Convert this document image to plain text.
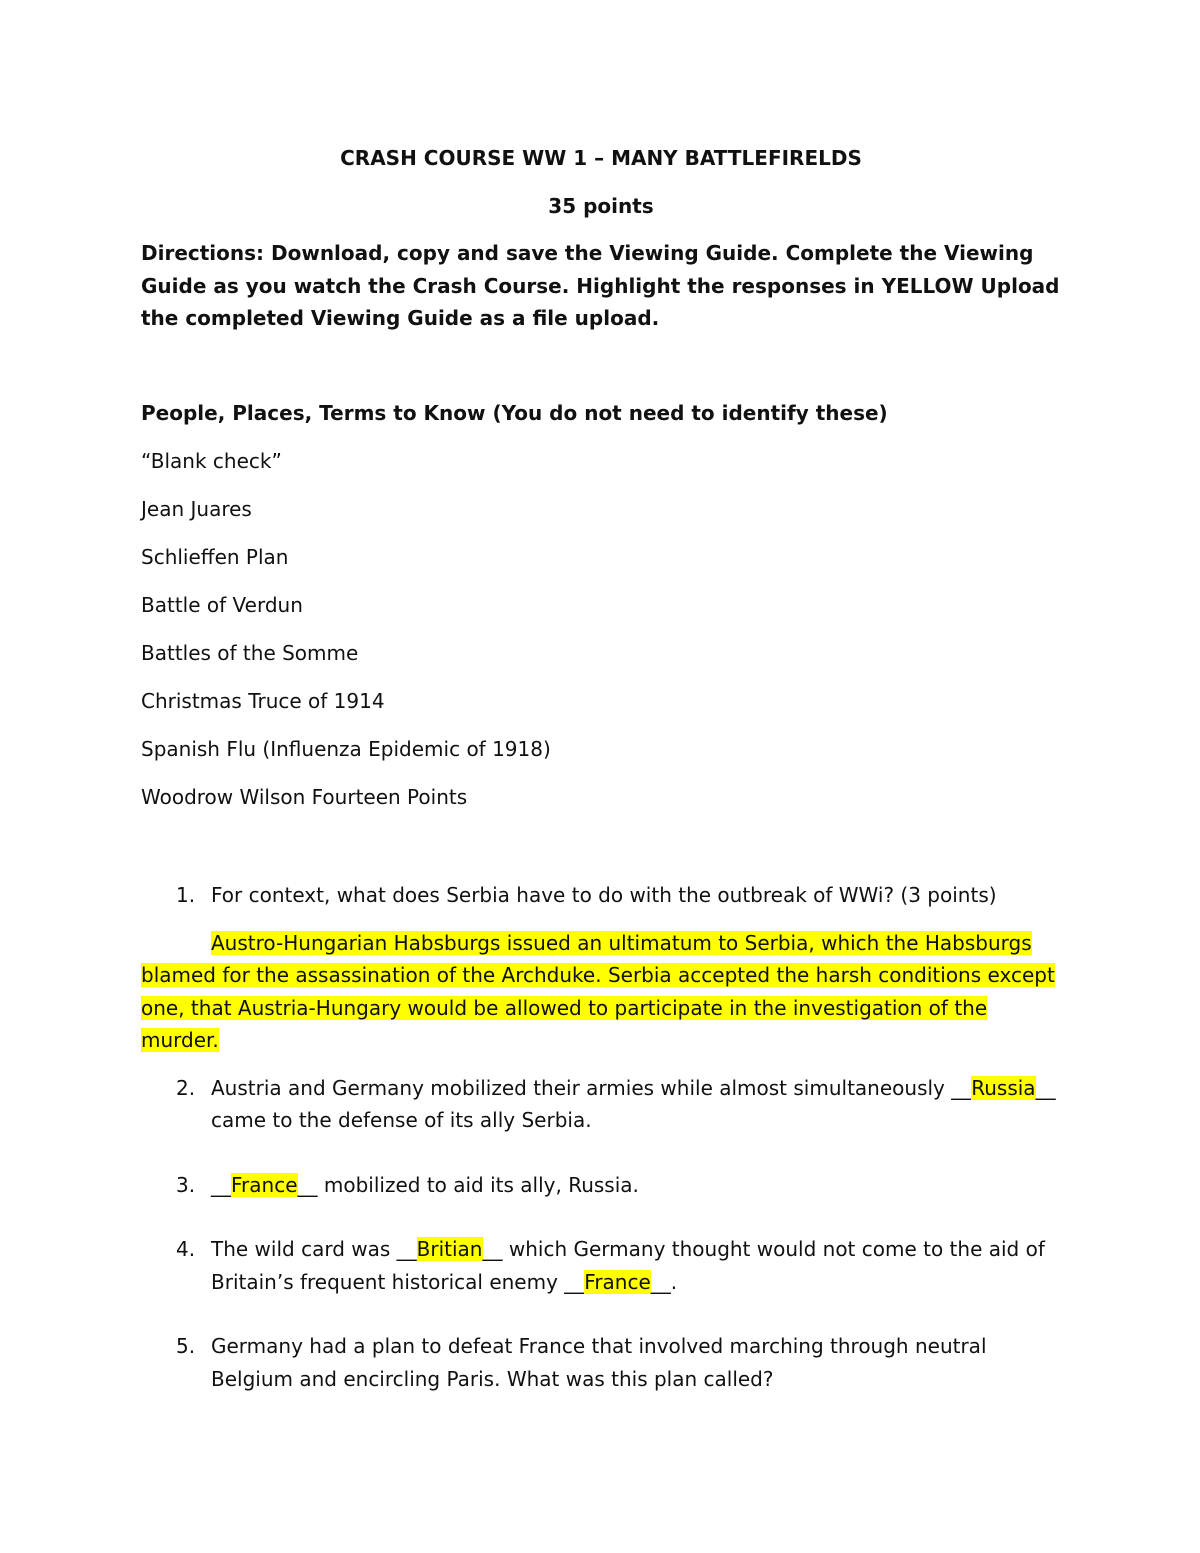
CRASH COURSE WW 1 – MANY BATTLEFIRELDS

35 points

Directions: Download, copy and save the Viewing Guide. Complete the Viewing Guide as you watch the Crash Course. Highlight the responses in YELLOW Upload the completed Viewing Guide as a file upload.

People, Places, Terms to Know (You do not need to identify these)

“Blank check”
Jean Juares
Schlieffen Plan
Battle of Verdun
Battles of the Somme
Christmas Truce of 1914
Spanish Flu (Influenza Epidemic of 1918)
Woodrow Wilson Fourteen Points
1. For context, what does Serbia have to do with the outbreak of WWi? (3 points)

Austro-Hungarian Habsburgs issued an ultimatum to Serbia, which the Habsburgs blamed for the assassination of the Archduke. Serbia accepted the harsh conditions except one, that Austria-Hungary would be allowed to participate in the investigation of the murder.

2. Austria and Germany mobilized their armies while almost simultaneously __Russia__ came to the defense of its ally Serbia.
3. __France__ mobilized to aid its ally, Russia.
4. The wild card was __Britian__ which Germany thought would not come to the aid of Britain’s frequent historical enemy __France__.
5. Germany had a plan to defeat France that involved marching through neutral Belgium and encircling Paris. What was this plan called?
